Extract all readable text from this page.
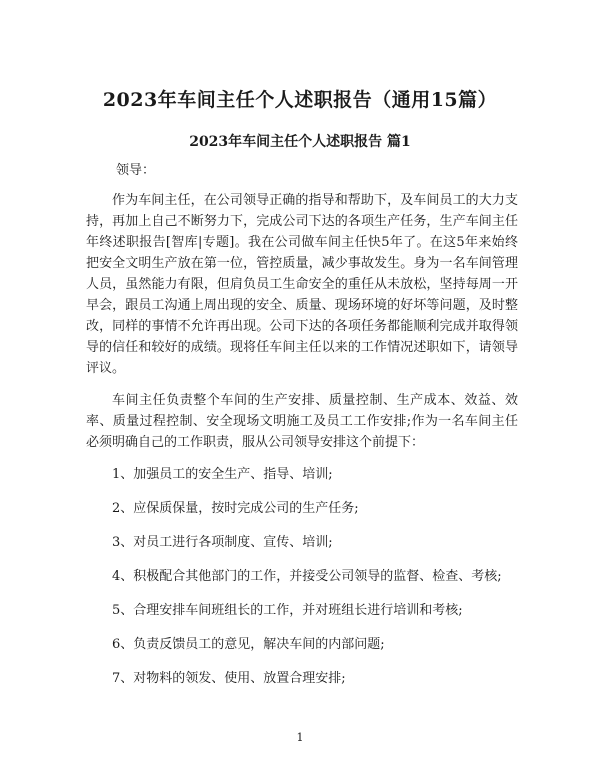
2023年车间主任个人述职报告（通用15篇）
2023年车间主任个人述职报告 篇1

领导：

作为车间主任，在公司领导正确的指导和帮助下，及车间员工的大力支持，再加上自己不断努力下，完成公司下达的各项生产任务，生产车间主任年终述职报告[智库|专题]。我在公司做车间主任快5年了。在这5年来始终把安全文明生产放在第一位，管控质量，减少事故发生。身为一名车间管理人员，虽然能力有限，但肩负员工生命安全的重任从未放松，坚持每周一开早会，跟员工沟通上周出现的安全、质量、现场环境的好坏等问题，及时整改，同样的事情不允许再出现。公司下达的各项任务都能顺利完成并取得领导的信任和较好的成绩。现将任车间主任以来的工作情况述职如下，请领导评议。

车间主任负责整个车间的生产安排、质量控制、生产成本、效益、效率、质量过程控制、安全现场文明施工及员工工作安排;作为一名车间主任必须明确自己的工作职责，服从公司领导安排这个前提下：

1、加强员工的安全生产、指导、培训;
2、应保质保量，按时完成公司的生产任务;
3、对员工进行各项制度、宣传、培训;
4、积极配合其他部门的工作，并接受公司领导的监督、检查、考核;
5、合理安排车间班组长的工作，并对班组长进行培训和考核;
6、负责反馈员工的意见，解决车间的内部问题;
7、对物料的领发、使用、放置合理安排;
1
